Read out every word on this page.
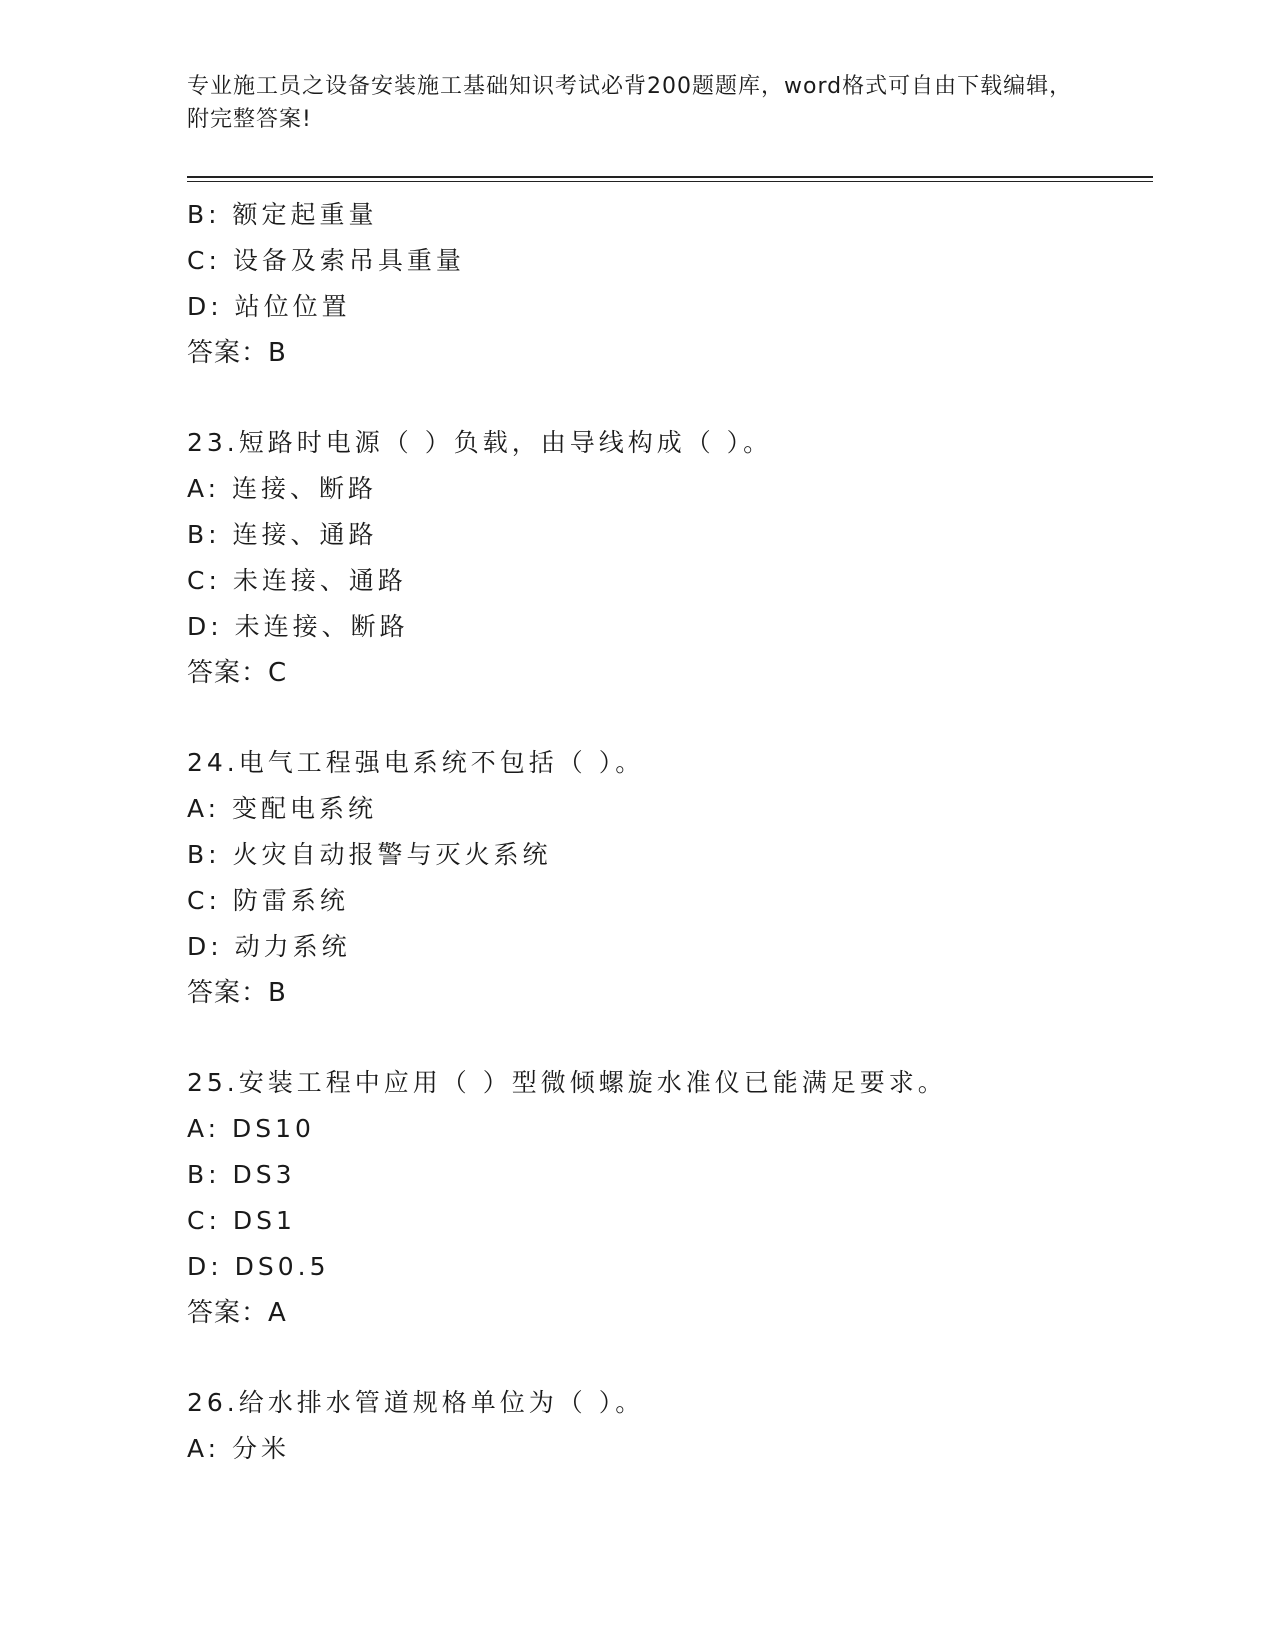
专业施工员之设备安装施工基础知识考试必背200题题库，word格式可自由下载编辑，附完整答案!
B: 额定起重量
C: 设备及索吊具重量
D: 站位位置
答案：B
23.短路时电源（ ）负载，由导线构成（ ）。
A: 连接、断路
B: 连接、通路
C: 未连接、通路
D: 未连接、断路
答案：C
24.电气工程强电系统不包括（ ）。
A: 变配电系统
B: 火灾自动报警与灭火系统
C: 防雷系统
D: 动力系统
答案：B
25.安装工程中应用（ ）型微倾螺旋水准仪已能满足要求。
A: DS10
B: DS3
C: DS1
D: DS0.5
答案：A
26.给水排水管道规格单位为（ ）。
A: 分米
